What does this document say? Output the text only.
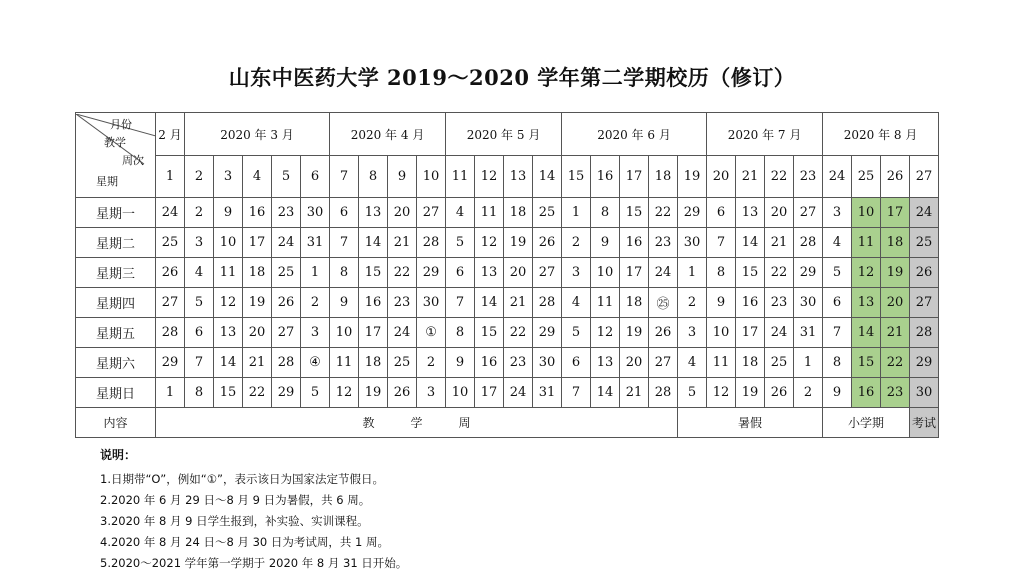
山东中医药大学 2019～2020 学年第二学期校历（修订）
月份
教学
周次
星期	2 月	2020 年 3 月					2020 年 4 月				2020 年 5 月				2020 年 6 月					2020 年 7 月				2020 年 8 月			
	1	2	3	4	5	6	7	8	9	10	11	12	13	14	15	16	17	18	19	20	21	22	23	24	25	26	27
星期一	24	2	9	16	23	30	6	13	20	27	4	11	18	25	1	8	15	22	29	6	13	20	27	3	10	17	24
星期二	25	3	10	17	24	31	7	14	21	28	5	12	19	26	2	9	16	23	30	7	14	21	28	4	11	18	25
星期三	26	4	11	18	25	1	8	15	22	29	6	13	20	27	3	10	17	24	1	8	15	22	29	5	12	19	26
星期四	27	5	12	19	26	2	9	16	23	30	7	14	21	28	4	11	18	㉕	2	9	16	23	30	6	13	20	27
星期五	28	6	13	20	27	3	10	17	24	①	8	15	22	29	5	12	19	26	3	10	17	24	31	7	14	21	28
星期六	29	7	14	21	28	④	11	18	25	2	9	16	23	30	6	13	20	27	4	11	18	25	1	8	15	22	29
星期日	1	8	15	22	29	5	12	19	26	3	10	17	24	31	7	14	21	28	5	12	19	26	2	9	16	23	30
内容	教　　　学　　　周																		暑假					小学期			考试
说明：
1.日期带“O”，例如“①”，表示该日为国家法定节假日。
2.2020 年 6 月 29 日～8 月 9 日为暑假，共 6 周。
3.2020 年 8 月 9 日学生报到，补实验、实训课程。
4.2020 年 8 月 24 日～8 月 30 日为考试周，共 1 周。
5.2020～2021 学年第一学期于 2020 年 8 月 31 日开始。
